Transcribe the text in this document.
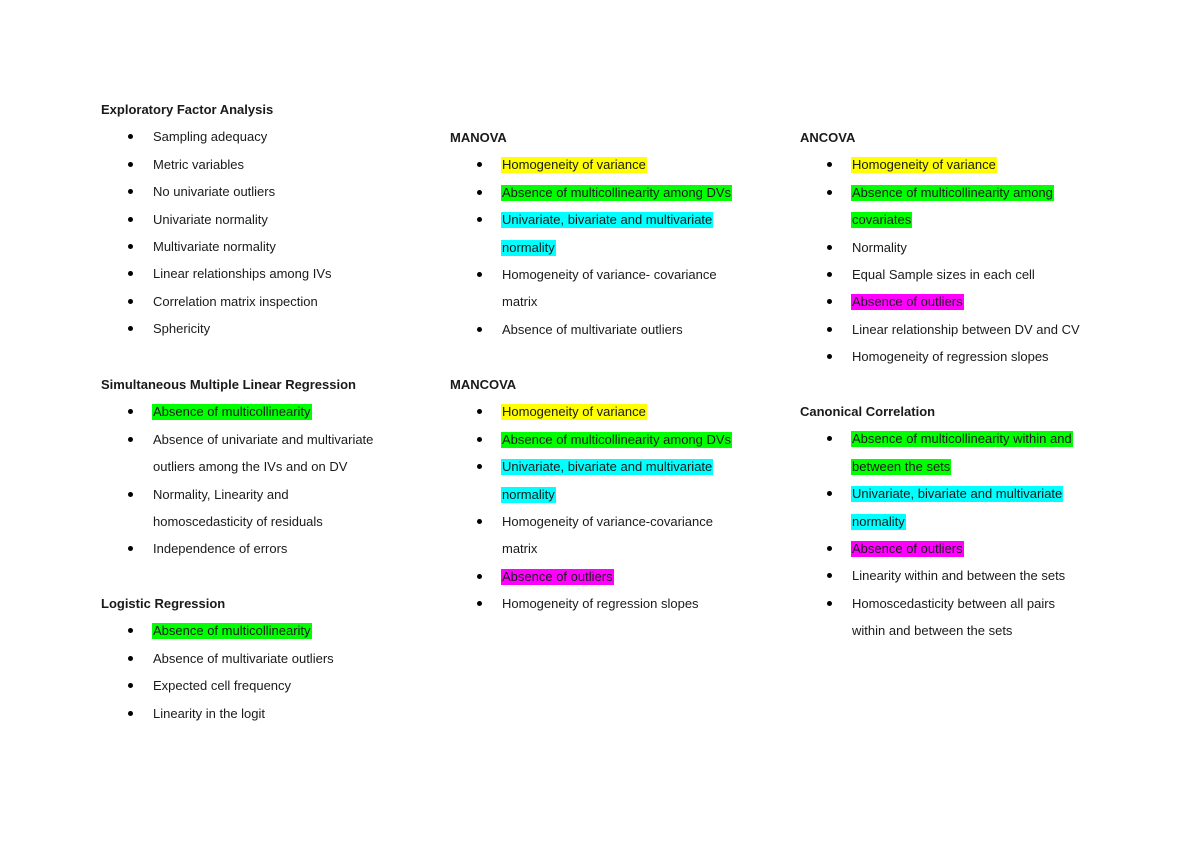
Exploratory Factor Analysis
Sampling adequacy
Metric variables
No univariate outliers
Univariate normality
Multivariate normality
Linear relationships among IVs
Correlation matrix inspection
Sphericity
Simultaneous Multiple Linear Regression
Absence of multicollinearity
Absence of univariate and multivariate
outliers among the IVs and on DV
Normality, Linearity and
homoscedasticity of residuals
Independence of errors
Logistic Regression
Absence of multicollinearity
Absence of multivariate outliers
Expected cell frequency
Linearity in the logit
MANOVA
Homogeneity of variance
Absence of multicollinearity among DVs
Univariate, bivariate and multivariate
normality
Homogeneity of variance- covariance
matrix
Absence of multivariate outliers
MANCOVA
Homogeneity of variance
Absence of multicollinearity among DVs
Univariate, bivariate and multivariate
normality
Homogeneity of variance-covariance
matrix
Absence of outliers
Homogeneity of regression slopes
ANCOVA
Homogeneity of variance
Absence of multicollinearity among
covariates
Normality
Equal Sample sizes in each cell
Absence of outliers
Linear relationship between DV and CV
Homogeneity of regression slopes
Canonical Correlation
Absence of multicollinearity within and
between the sets
Univariate, bivariate and multivariate
normality
Absence of outliers
Linearity within and between the sets
Homoscedasticity between all pairs
within and between the sets
